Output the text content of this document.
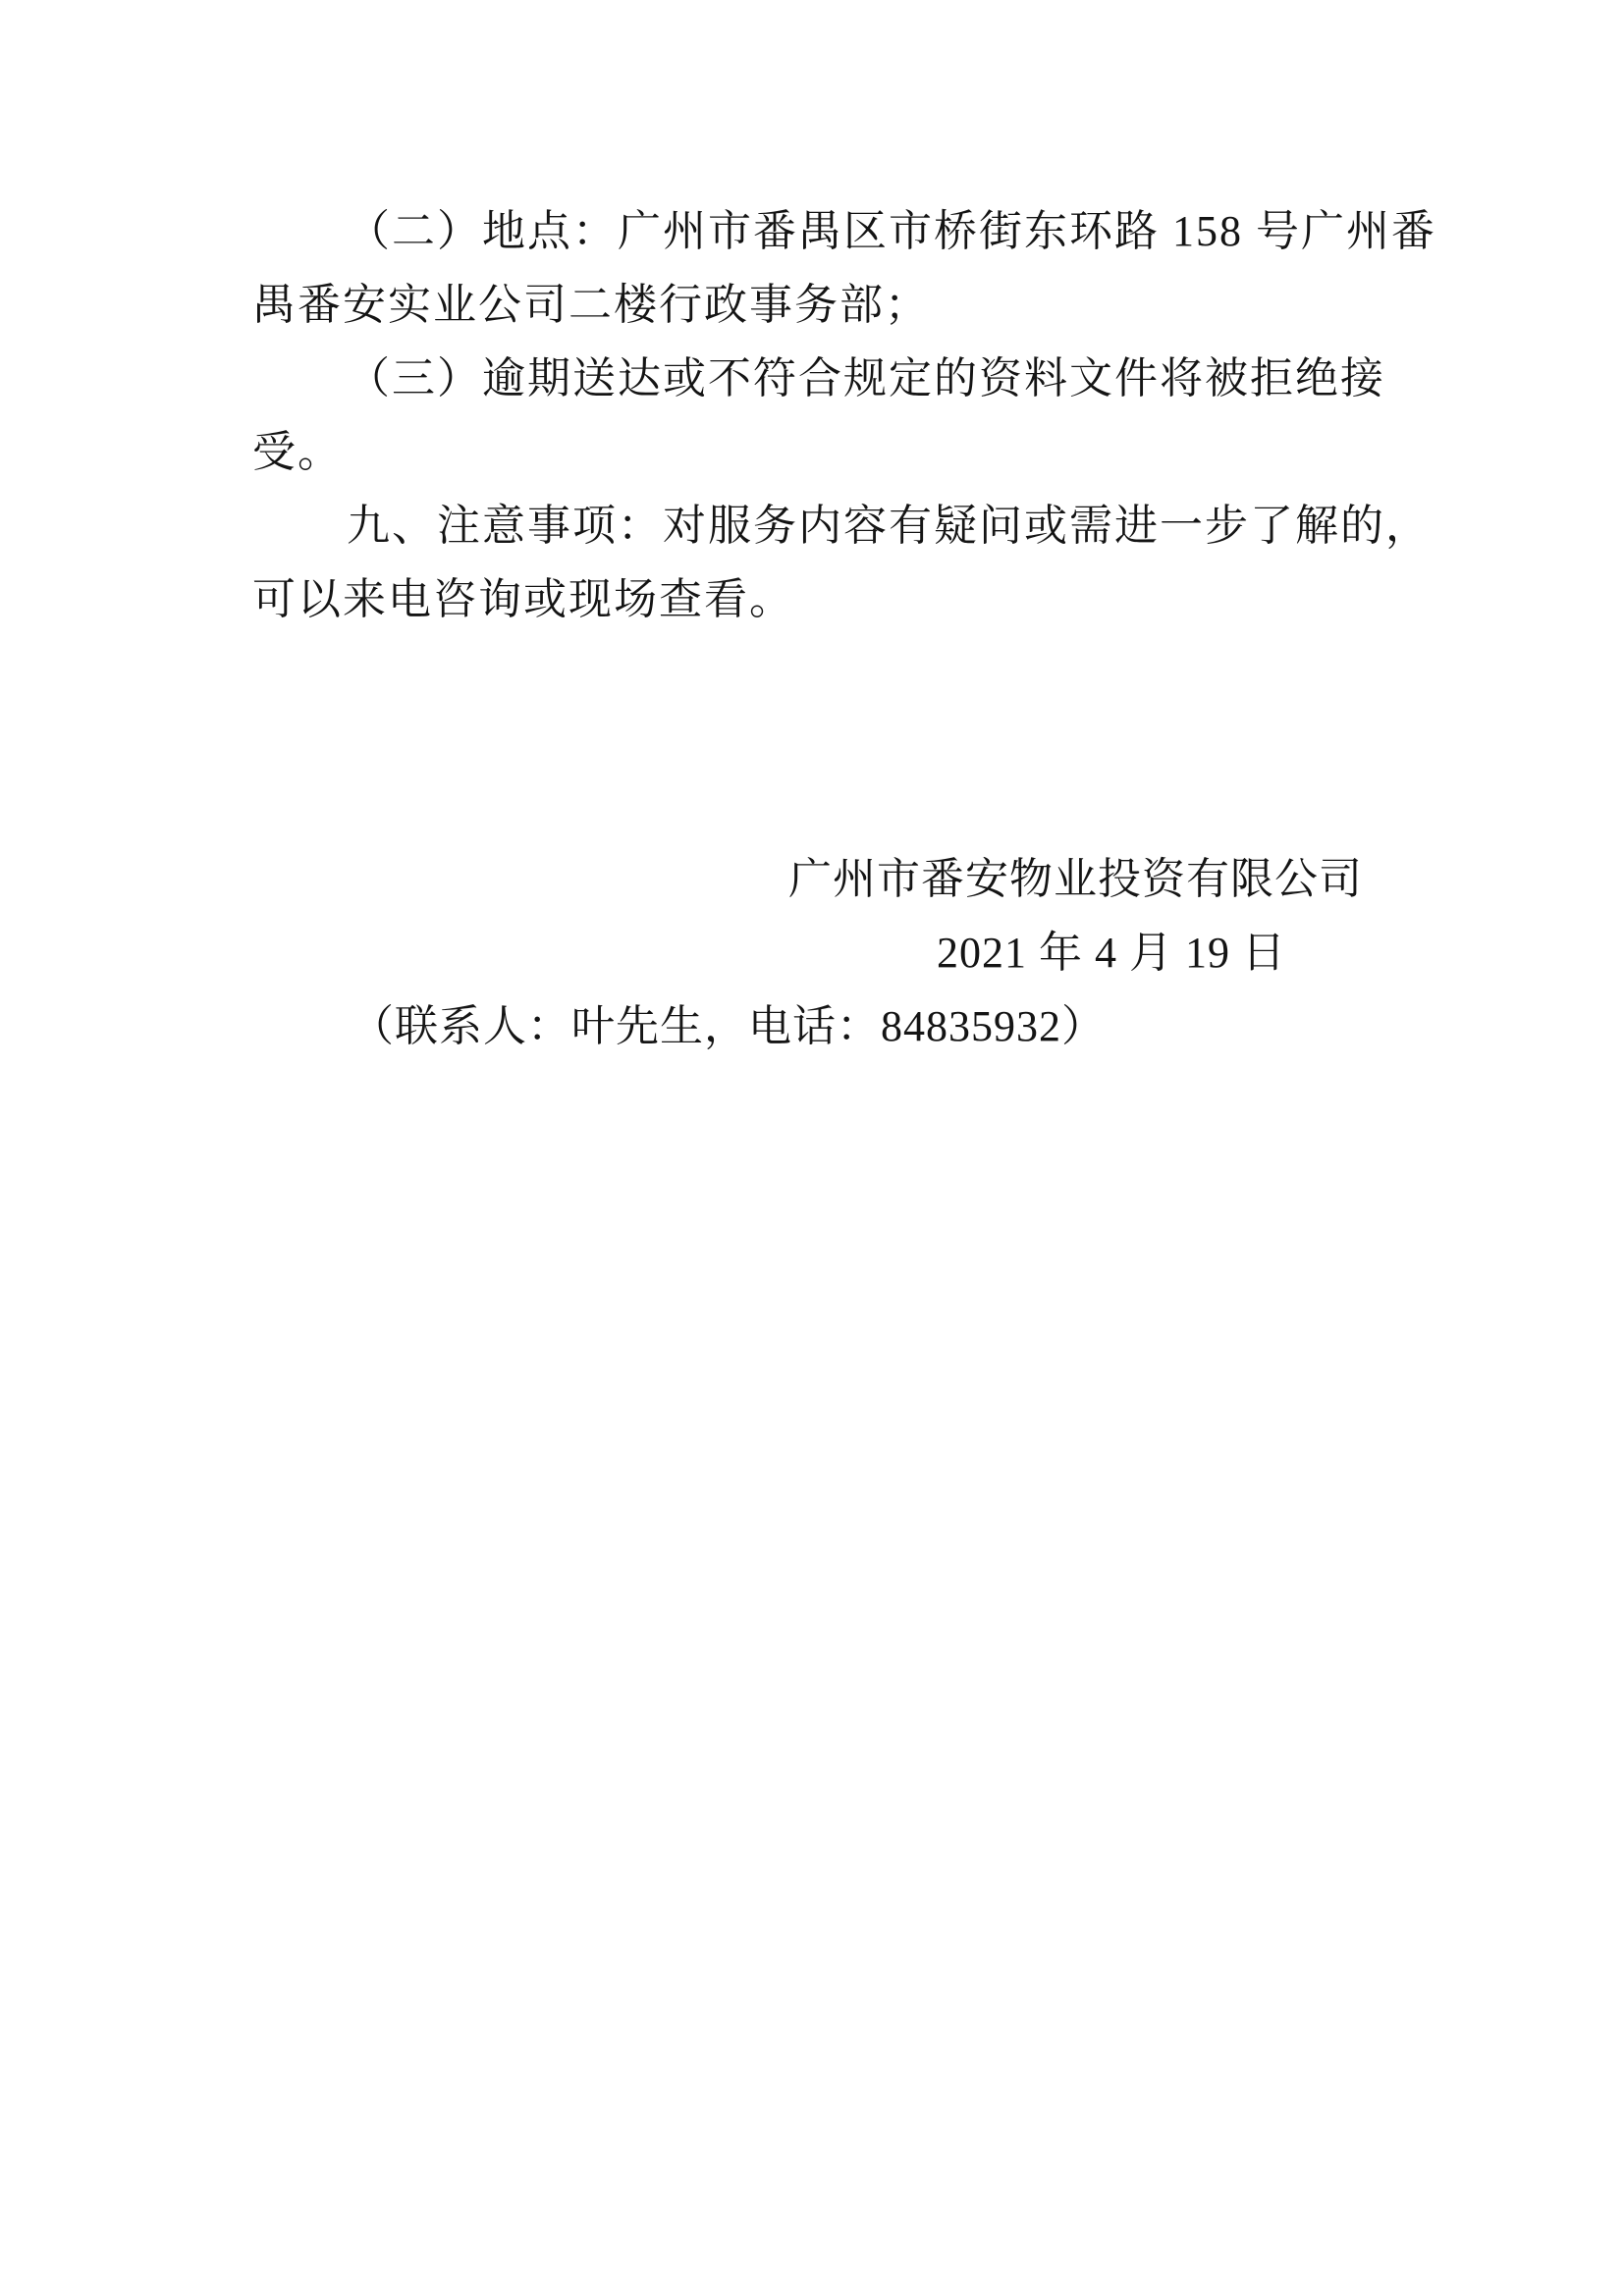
（二）地点：广州市番禺区市桥街东环路 158 号广州番
禺番安实业公司二楼行政事务部；
（三）逾期送达或不符合规定的资料文件将被拒绝接
受。
九、注意事项：对服务内容有疑问或需进一步了解的，
可以来电咨询或现场查看。
广州市番安物业投资有限公司
2021 年 4 月 19 日
（联系人：叶先生，电话：84835932）
